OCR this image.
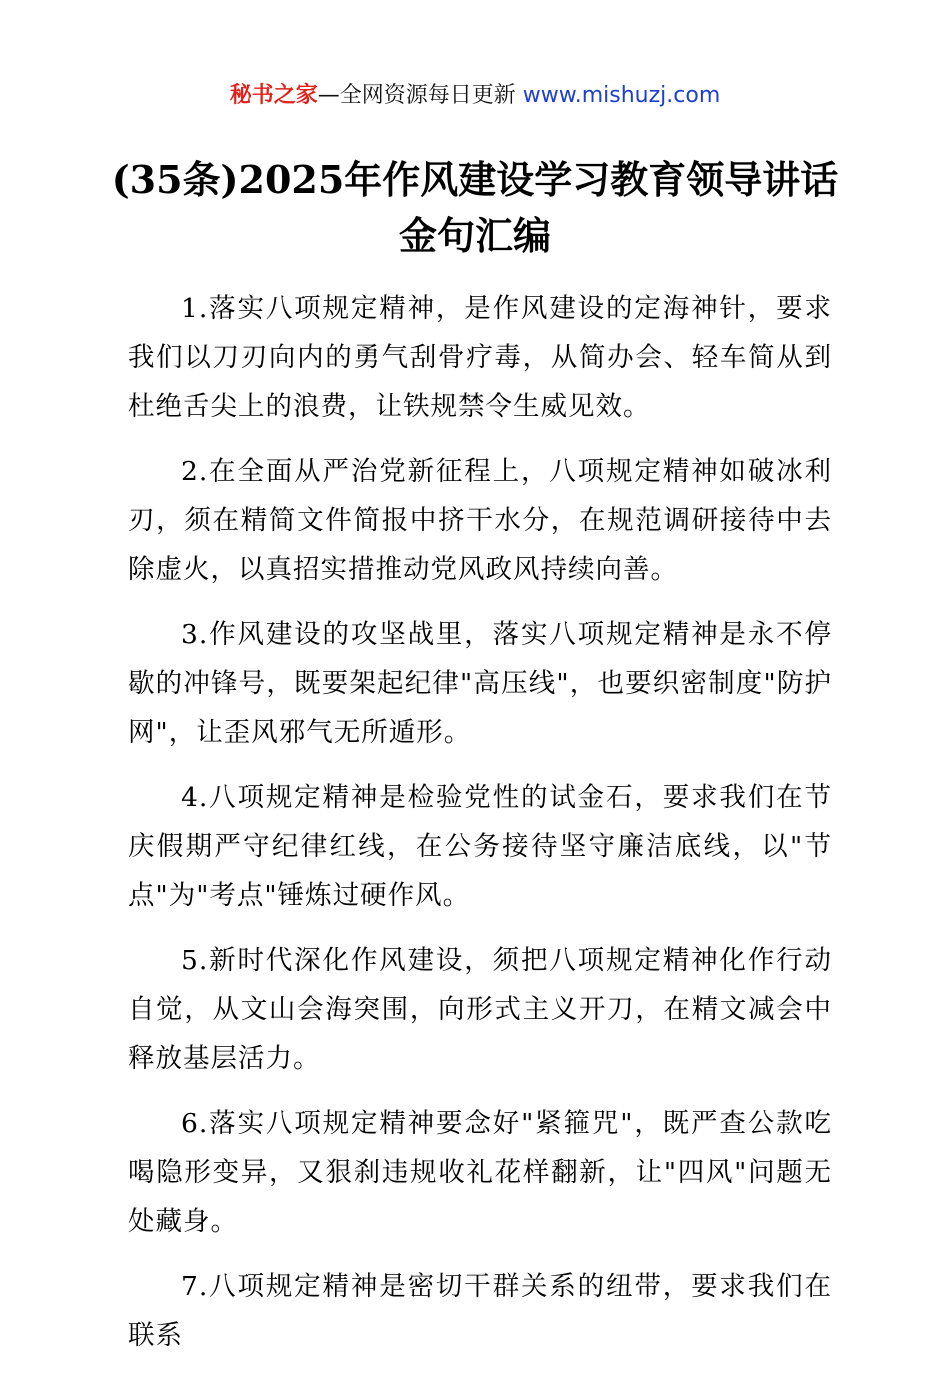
秘书之家—全网资源每日更新 www.mishuzj.com
(35条)2025年作风建设学习教育领导讲话金句汇编

1.落实八项规定精神，是作风建设的定海神针，要求我们以刀刃向内的勇气刮骨疗毒，从简办会、轻车简从到杜绝舌尖上的浪费，让铁规禁令生威见效。

2.在全面从严治党新征程上，八项规定精神如破冰利刃，须在精简文件简报中挤干水分，在规范调研接待中去除虚火，以真招实措推动党风政风持续向善。

3.作风建设的攻坚战里，落实八项规定精神是永不停歇的冲锋号，既要架起纪律"高压线"，也要织密制度"防护网"，让歪风邪气无所遁形。

4.八项规定精神是检验党性的试金石，要求我们在节庆假期严守纪律红线，在公务接待坚守廉洁底线，以"节点"为"考点"锤炼过硬作风。

5.新时代深化作风建设，须把八项规定精神化作行动自觉，从文山会海突围，向形式主义开刀，在精文减会中释放基层活力。

6.落实八项规定精神要念好"紧箍咒"，既严查公款吃喝隐形变异，又狠刹违规收礼花样翻新，让"四风"问题无处藏身。

7.八项规定精神是密切干群关系的纽带，要求我们在联系
